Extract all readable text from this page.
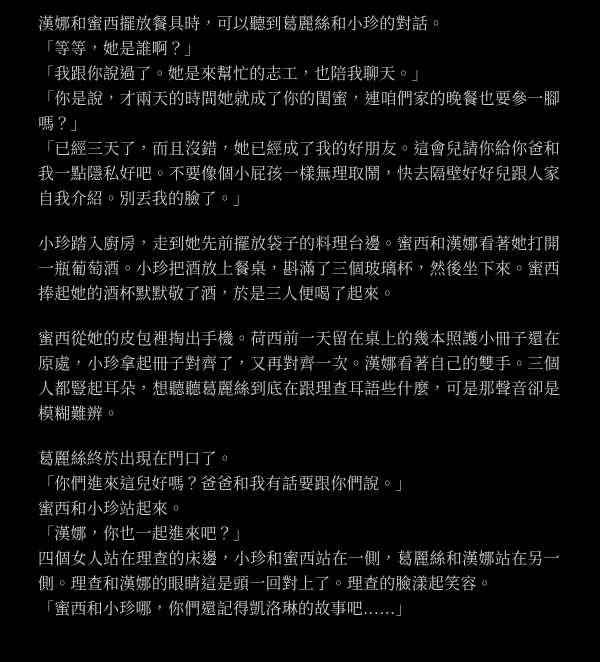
漢娜和蜜西擺放餐具時，可以聽到葛麗絲和小珍的對話。

「等等，她是誰啊？」

「我跟你說過了。她是來幫忙的志工，也陪我聊天。」

「你是說，才兩天的時間她就成了你的閨蜜，連咱們家的晚餐也要參一腳嗎？」

「已經三天了，而且沒錯，她已經成了我的好朋友。這會兒請你給你爸和我一點隱私好吧。不要像個小屁孩一樣無理取鬧，快去隔壁好好兒跟人家自我介紹。別丟我的臉了。」

小珍踏入廚房，走到她先前擺放袋子的料理台邊。蜜西和漢娜看著她打開一瓶葡萄酒。小珍把酒放上餐桌，斟滿了三個玻璃杯，然後坐下來。蜜西捧起她的酒杯默默敬了酒，於是三人便喝了起來。

蜜西從她的皮包裡掏出手機。荷西前一天留在桌上的幾本照護小冊子還在原處，小珍拿起冊子對齊了，又再對齊一次。漢娜看著自己的雙手。三個人都豎起耳朵，想聽聽葛麗絲到底在跟理查耳語些什麼，可是那聲音卻是模糊難辨。

葛麗絲終於出現在門口了。

「你們進來這兒好嗎？爸爸和我有話要跟你們說。」

蜜西和小珍站起來。

「漢娜，你也一起進來吧？」

四個女人站在理查的床邊，小珍和蜜西站在一側，葛麗絲和漢娜站在另一側。理查和漢娜的眼睛這是頭一回對上了。理查的臉漾起笑容。

「蜜西和小珍哪，你們還記得凱洛琳的故事吧……」
